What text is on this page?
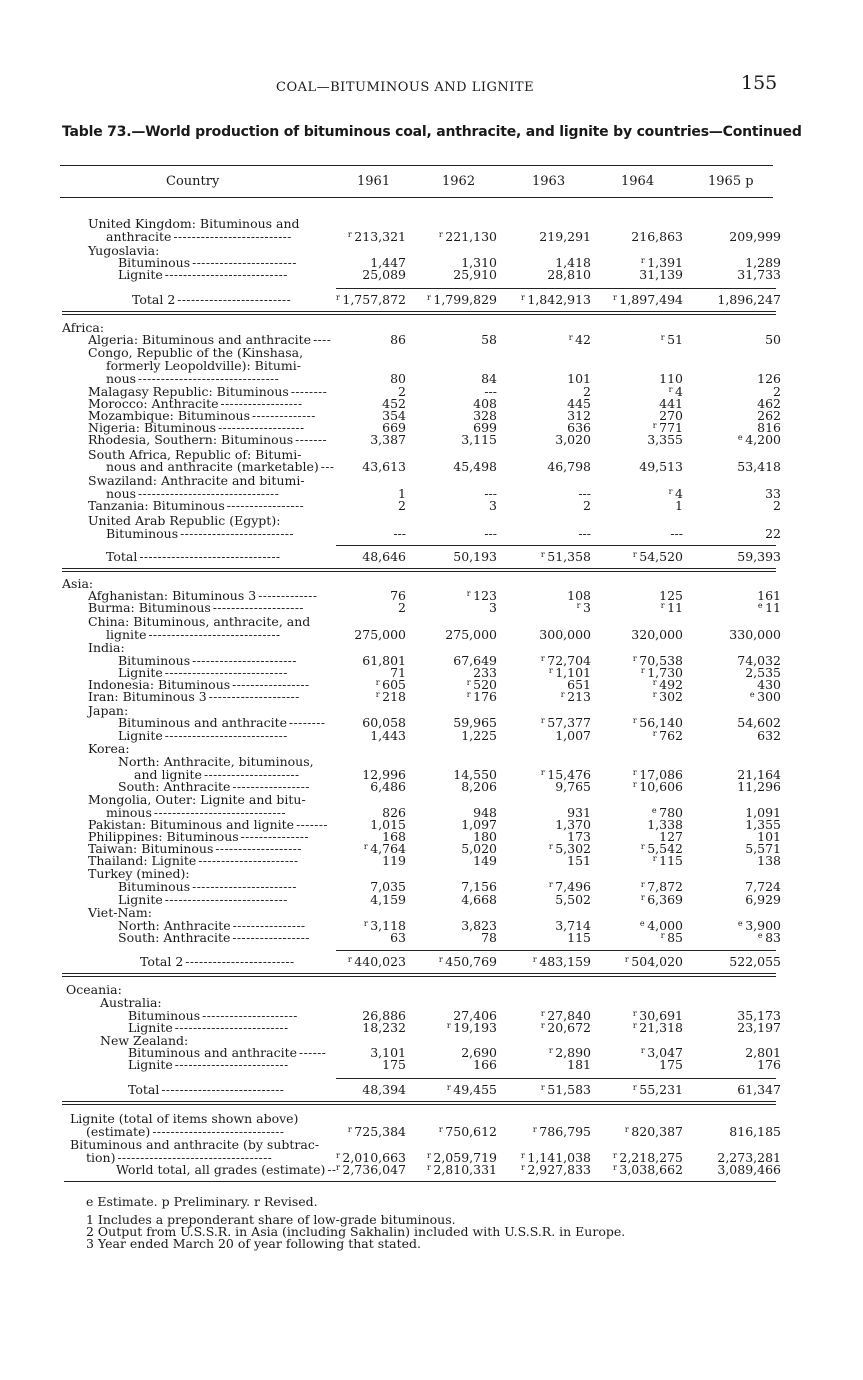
COAL—BITUMINOUS AND LIGNITE	155
Table 73.—World production of bituminous coal, anthracite, and lignite by countries—Continued
Country	1961	1962	1963	1964	1965 p
United Kingdom: Bituminous and
anthracite --------------------------	$^r$ 213,321	$^r$ 221,130	219,291	216,863	209,999
Yugoslavia:
Bituminous -----------------------	1,447	1,310	1,418	$^r$ 1,391	1,289
Lignite ---------------------------	25,089	25,910	28,810	31,139	31,733
Total 2 -------------------------	$^r$ 1,757,872	$^r$ 1,799,829	$^r$ 1,842,913	$^r$ 1,897,494	1,896,247
Africa:
Algeria: Bituminous and anthracite ----	86	58	$^r$ 42	$^r$ 51	50
Congo, Republic of the (Kinshasa,
formerly Leopoldville): Bitumi-
nous -------------------------------	80	84	101	110	126
Malagasy Republic: Bituminous --------	2	---	2	$^r$ 4	2
Morocco: Anthracite ------------------	452	408	445	441	462
Mozambique: Bituminous --------------	354	328	312	270	262
Nigeria: Bituminous -------------------	669	699	636	$^r$ 771	816
Rhodesia, Southern: Bituminous -------	3,387	3,115	3,020	3,355	$^e$ 4,200
South Africa, Republic of: Bitumi-
nous and anthracite (marketable) --- 43,613	45,498	46,798	49,513	53,418
Swaziland: Anthracite and bitumi-
nous -------------------------------	1	---	---	$^r$ 4	33
Tanzania: Bituminous -----------------	2	3	2	1	2
United Arab Republic (Egypt):
Bituminous -------------------------	---	---	---	---	22
Total -------------------------------	48,646	50,193	$^r$ 51,358	$^r$ 54,520	59,393
Asia:
Afghanistan: Bituminous 3 -------------	76	$^r$ 123	108	125	161
Burma: Bituminous --------------------	2	3	$^r$ 3	$^r$ 11	$^e$ 11
China: Bituminous, anthracite, and
lignite -----------------------------	275,000	275,000	300,000	320,000	330,000
India:
Bituminous -----------------------	61,801	67,649	$^r$ 72,704	$^r$ 70,538	74,032
Lignite ---------------------------	71	233	$^r$ 1,101	$^r$ 1,730	2,535
Indonesia: Bituminous -----------------	$^r$ 605	$^r$ 520	651	$^r$ 492	430
Iran: Bituminous 3 --------------------	$^r$ 218	$^r$ 176	$^r$ 213	$^r$ 302	$^e$ 300
Japan:
Bituminous and anthracite --------	60,058	59,965	$^r$ 57,377	$^r$ 56,140	54,602
Lignite ---------------------------	1,443	1,225	1,007	$^r$ 762	632
Korea:
North: Anthracite, bituminous,
and lignite ---------------------	12,996	14,550	$^r$ 15,476	$^r$ 17,086	21,164
South: Anthracite -----------------	6,486	8,206	9,765	$^r$ 10,606	11,296
Mongolia, Outer: Lignite and bitu-
minous -----------------------------	826	948	931	$^e$ 780	1,091
Pakistan: Bituminous and lignite -------	1,015	1,097	1,370	1,338	1,355
Philippines: Bituminous ---------------	168	180	173	127	101
Taiwan: Bituminous -------------------	$^r$ 4,764	5,020	$^r$ 5,302	$^r$ 5,542	5,571
Thailand: Lignite ----------------------	119	149	151	$^r$ 115	138
Turkey (mined):
Bituminous -----------------------	7,035	7,156	$^r$ 7,496	$^r$ 7,872	7,724
Lignite ---------------------------	4,159	4,668	5,502	$^r$ 6,369	6,929
Viet-Nam:
North: Anthracite ----------------	$^r$ 3,118	3,823	3,714	$^e$ 4,000	$^e$ 3,900
South: Anthracite -----------------	63	78	115	$^r$ 85	$^e$ 83
Total 2 ------------------------	$^r$ 440,023	$^r$ 450,769	$^r$ 483,159	$^r$ 504,020	522,055
Oceania:
Australia:
Bituminous ---------------------	26,886	27,406	$^r$ 27,840	$^r$ 30,691	35,173
Lignite -------------------------	18,232	$^r$ 19,193	$^r$ 20,672	$^r$ 21,318	23,197
New Zealand:
Bituminous and anthracite ------	3,101	2,690	$^r$ 2,890	$^r$ 3,047	2,801
Lignite -------------------------	175	166	181	175	176
Total ---------------------------	48,394	$^r$ 49,455	$^r$ 51,583	$^r$ 55,231	61,347
Lignite (total of items shown above)
(estimate) -----------------------------	$^r$ 725,384	$^r$ 750,612	$^r$ 786,795	$^r$ 820,387	816,185
Bituminous and anthracite (by subtrac-
tion) ----------------------------------	$^r$ 2,010,663	$^r$ 2,059,719	$^r$ 1,141,038	$^r$ 2,218,275	2,273,281
World total, all grades (estimate) -- $^r$ 2,736,047	$^r$ 2,810,331	$^r$ 2,927,833	$^r$ 3,038,662	3,089,466
e Estimate. p Preliminary. r Revised.
1 Includes a preponderant share of low-grade bituminous.
2 Output from U.S.S.R. in Asia (including Sakhalin) included with U.S.S.R. in Europe.
3 Year ended March 20 of year following that stated.
